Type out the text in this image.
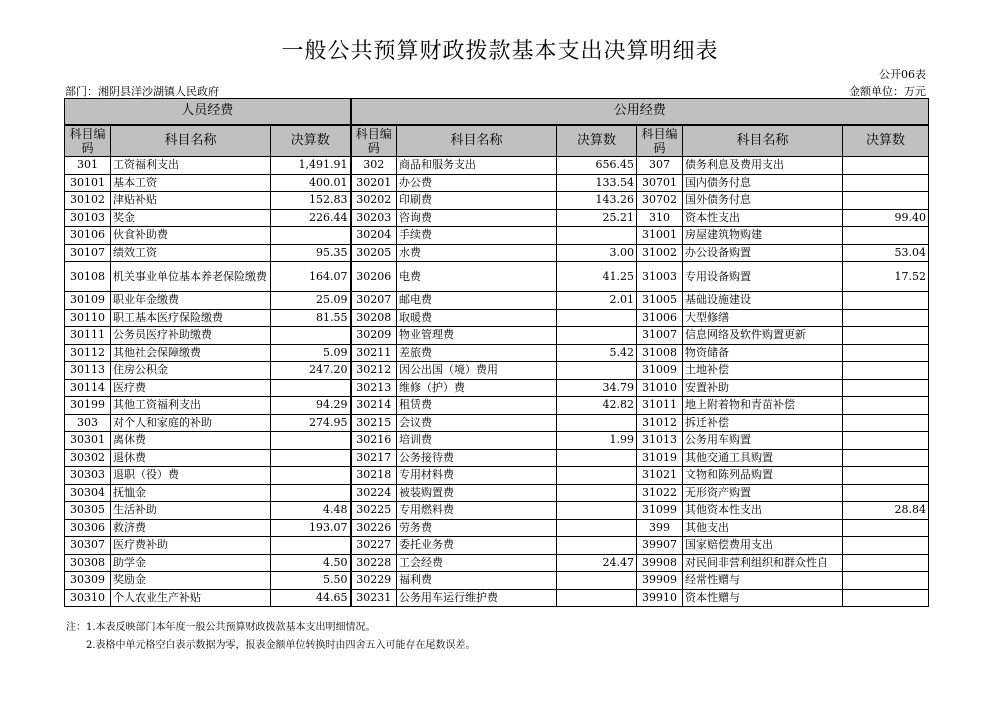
一般公共预算财政拨款基本支出决算明细表
公开06表
部门：湘阴县洋沙湖镇人民政府	金额单位：万元
人员经费			公用经费					
科目编码	科目名称	决算数	科目编码	科目名称	决算数	科目编码	科目名称	决算数
301	工资福利支出	1,491.91	302	商品和服务支出	656.45	307	债务利息及费用支出	
30101	基本工资	400.01	30201	办公费	133.54	30701	国内债务付息	
30102	津贴补贴	152.83	30202	印刷费	143.26	30702	国外债务付息	
30103	奖金	226.44	30203	咨询费	25.21	310	资本性支出	99.40
30106	伙食补助费		30204	手续费		31001	房屋建筑物购建	
30107	绩效工资	95.35	30205	水费	3.00	31002	办公设备购置	53.04
30108	机关事业单位基本养老保险缴费	164.07	30206	电费	41.25	31003	专用设备购置	17.52
30109	职业年金缴费	25.09	30207	邮电费	2.01	31005	基础设施建设	
30110	职工基本医疗保险缴费	81.55	30208	取暖费		31006	大型修缮	
30111	公务员医疗补助缴费		30209	物业管理费		31007	信息网络及软件购置更新	
30112	其他社会保障缴费	5.09	30211	差旅费	5.42	31008	物资储备	
30113	住房公积金	247.20	30212	因公出国（境）费用		31009	土地补偿	
30114	医疗费		30213	维修（护）费	34.79	31010	安置补助	
30199	其他工资福利支出	94.29	30214	租赁费	42.82	31011	地上附着物和青苗补偿	
303	对个人和家庭的补助	274.95	30215	会议费		31012	拆迁补偿	
30301	离休费		30216	培训费	1.99	31013	公务用车购置	
30302	退休费		30217	公务接待费		31019	其他交通工具购置	
30303	退职（役）费		30218	专用材料费		31021	文物和陈列品购置	
30304	抚恤金		30224	被装购置费		31022	无形资产购置	
30305	生活补助	4.48	30225	专用燃料费		31099	其他资本性支出	28.84
30306	救济费	193.07	30226	劳务费		399	其他支出	
30307	医疗费补助		30227	委托业务费		39907	国家赔偿费用支出	
30308	助学金	4.50	30228	工会经费	24.47	39908	对民间非营利组织和群众性自	
30309	奖励金	5.50	30229	福利费		39909	经常性赠与	
30310	个人农业生产补贴	44.65	30231	公务用车运行维护费		39910	资本性赠与	
注：1.本表反映部门本年度一般公共预算财政拨款基本支出明细情况。
2.表格中单元格空白表示数据为零，报表金额单位转换时由四舍五入可能存在尾数误差。
